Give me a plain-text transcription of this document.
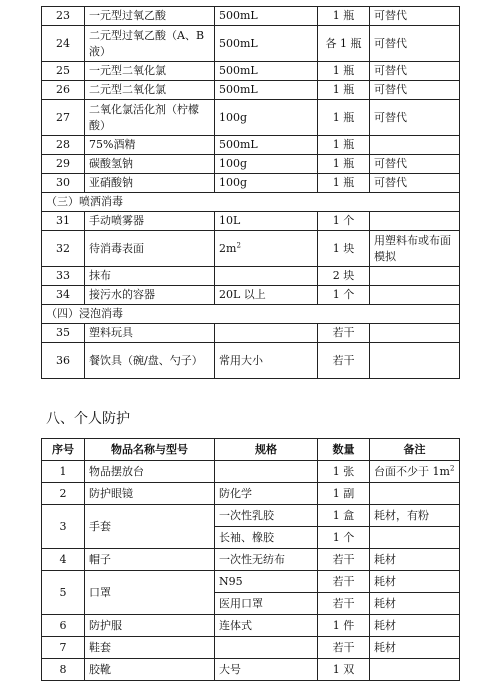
23	一元型过氧乙酸	500mL	1 瓶	可替代
24	二元型过氧乙酸（A、B 液）	500mL	各 1 瓶	可替代
25	一元型二氧化氯	500mL	1 瓶	可替代
26	二元型二氧化氯	500mL	1 瓶	可替代
27	二氧化氯活化剂（柠檬酸）	100g	1 瓶	可替代
28	75%酒精	500mL	1 瓶	
29	碳酸氢钠	100g	1 瓶	可替代
30	亚硝酸钠	100g	1 瓶	可替代
（三）喷洒消毒				
31	手动喷雾器	10L	1 个	
32	待消毒表面	$2m^2$	1 块	用塑料布或布面模拟
33	抹布		2 块	
34	接污水的容器	20L 以上	1 个	
（四）浸泡消毒				
35	塑料玩具		若干	
36	餐饮具（碗/盘、勺子）	常用大小	若干	
八、个人防护
序号	物品名称与型号	规格	数量	备注
1	物品摆放台		1 张	台面不少于 $1m^2$
2	防护眼镜	防化学	1 副	
3	手套	一次性乳胶	1 盒	耗材，有粉
		长袖、橡胶	1 个	
4	帽子	一次性无纺布	若干	耗材
5	口罩	N95	若干	耗材
		医用口罩	若干	耗材
6	防护服	连体式	1 件	耗材
7	鞋套		若干	耗材
8	胶靴	大号	1 双	
